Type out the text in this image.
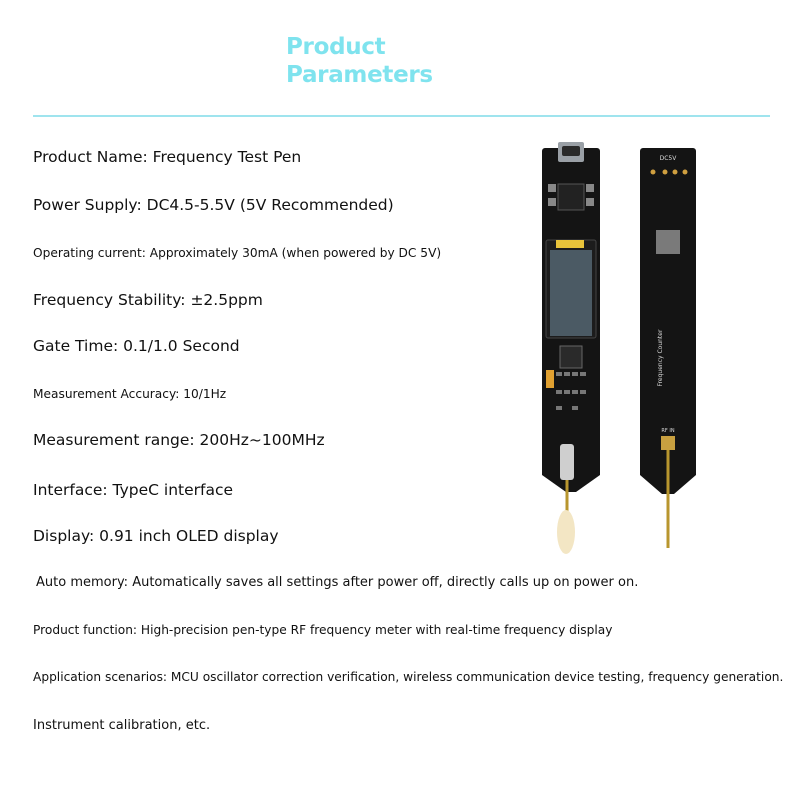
Product
Parameters
Product Name: Frequency Test Pen
Power Supply: DC4.5-5.5V (5V Recommended)
Operating current: Approximately 30mA (when powered by DC 5V)
Frequency Stability: ±2.5ppm
Gate Time: 0.1/1.0 Second
Measurement Accuracy: 10/1Hz
Measurement range: 200Hz~100MHz
Interface: TypeC interface
Display: 0.91 inch OLED display
Auto memory: Automatically saves all settings after power off, directly calls up on power on.
Product function: High-precision pen-type RF frequency meter with real-time frequency display
Application scenarios: MCU oscillator correction verification, wireless communication device testing, frequency generation.
Instrument calibration, etc.
DC5V
Frequency Counter
RF IN
